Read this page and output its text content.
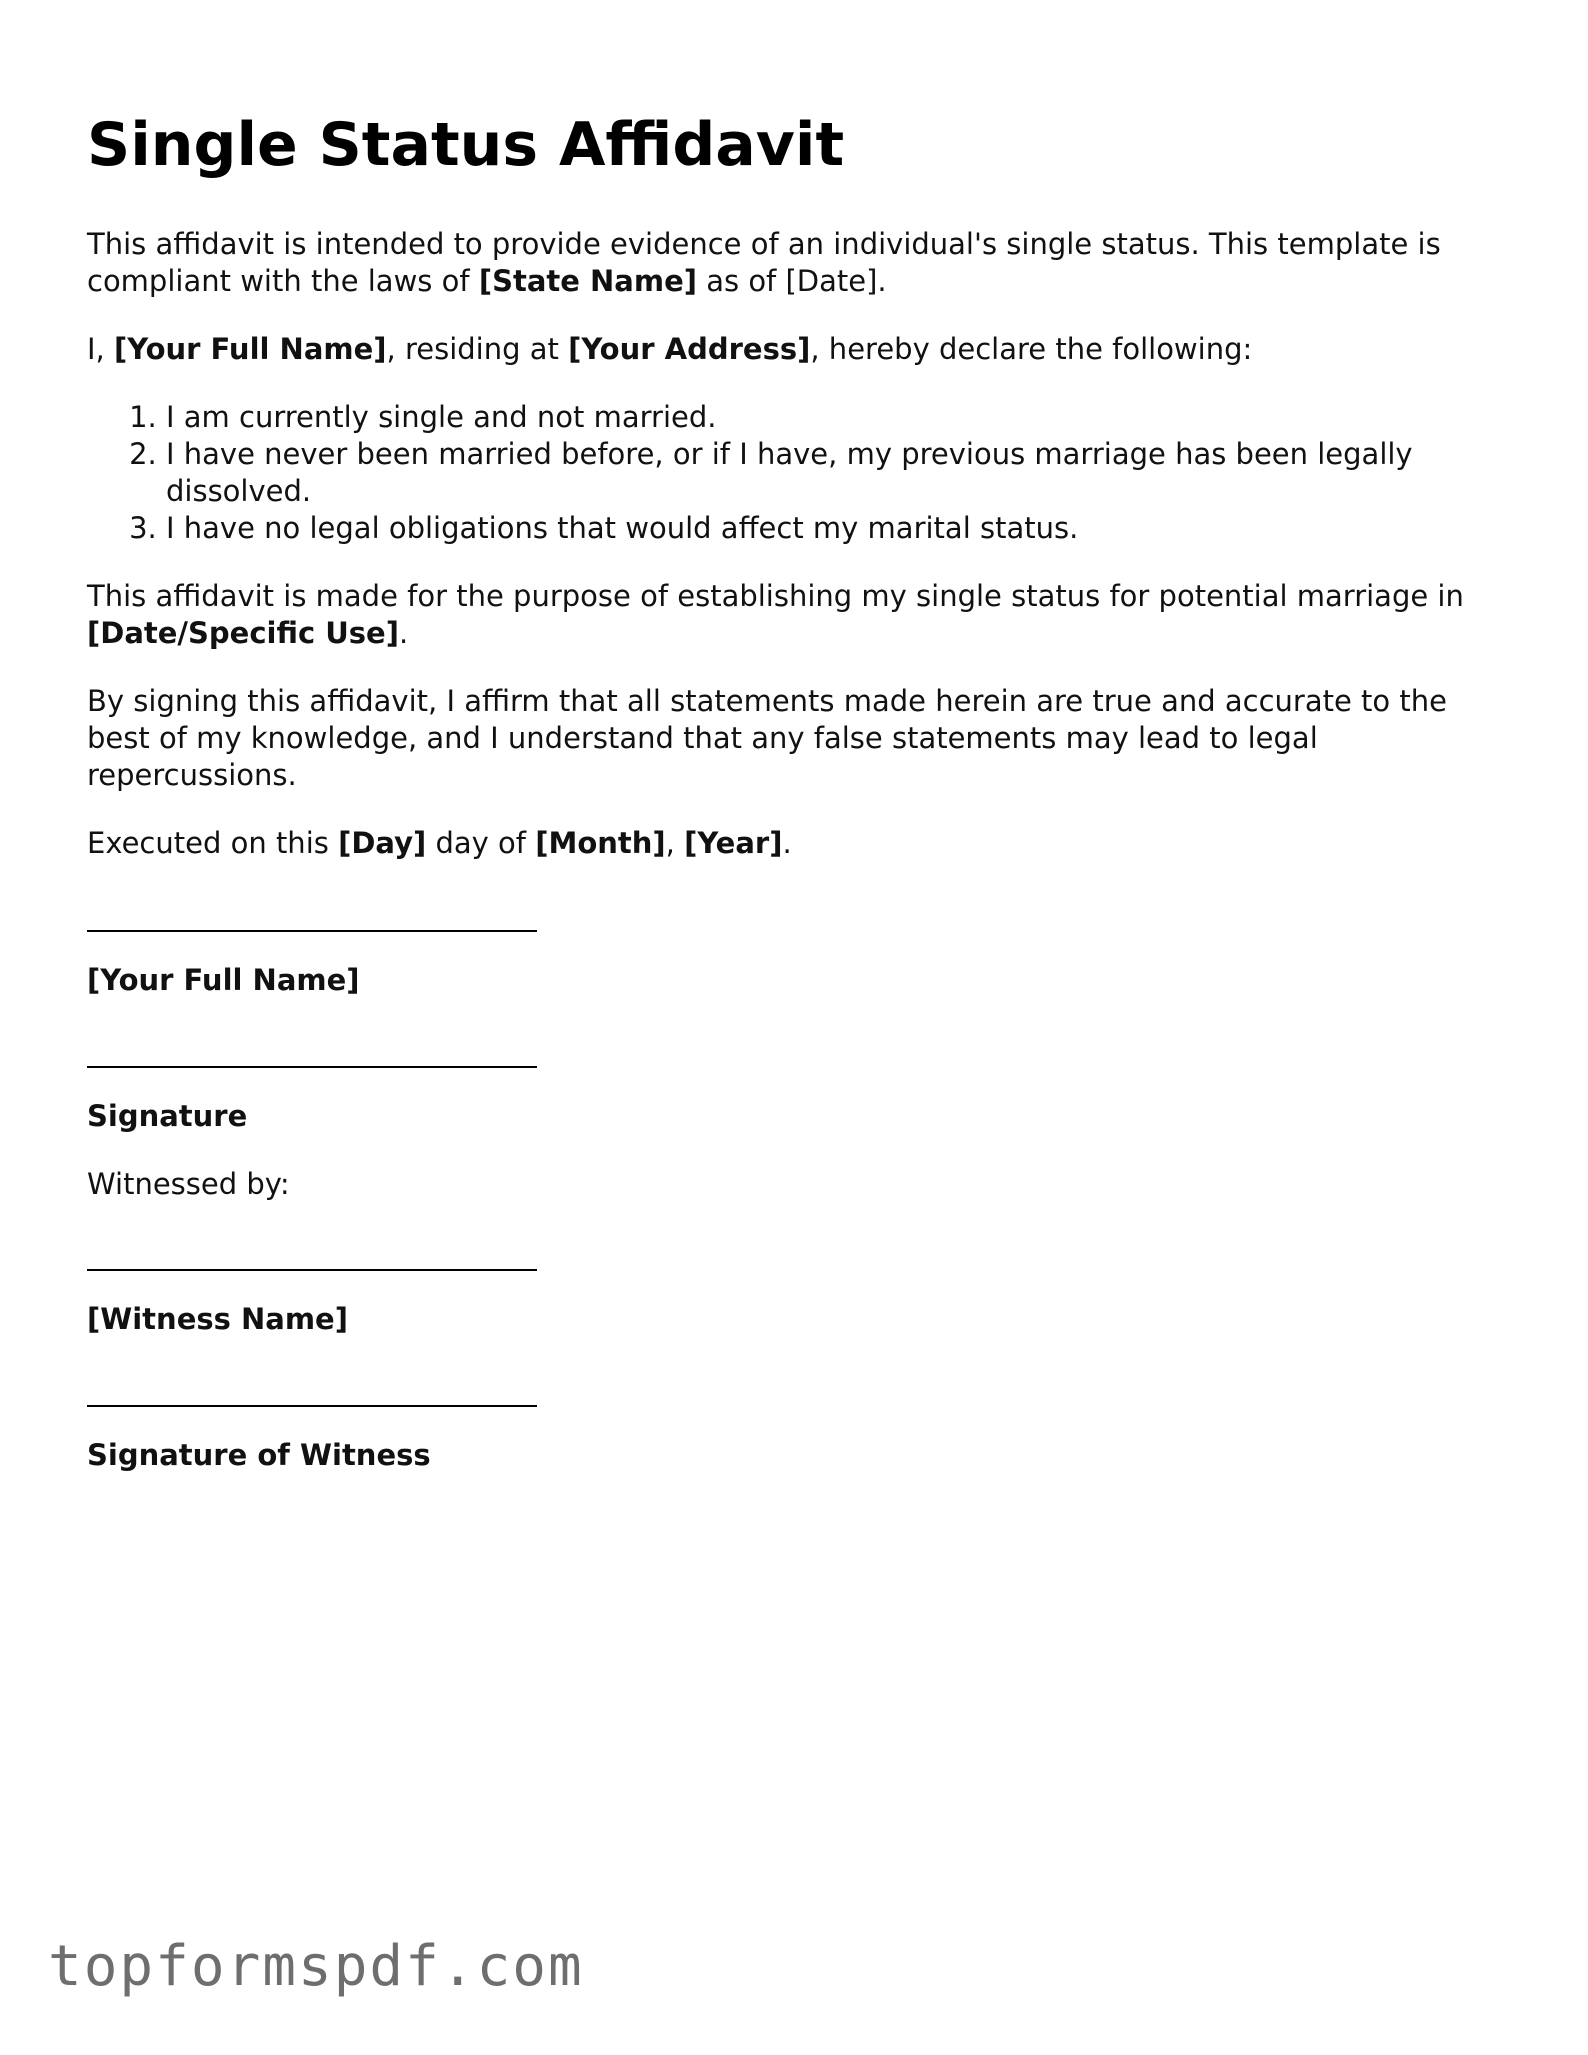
Single Status Affidavit

This affidavit is intended to provide evidence of an individual's single status. This template is compliant with the laws of [State Name] as of [Date].

I, [Your Full Name], residing at [Your Address], hereby declare the following:

1. I am currently single and not married.
2. I have never been married before, or if I have, my previous marriage has been legally dissolved.
3. I have no legal obligations that would affect my marital status.

This affidavit is made for the purpose of establishing my single status for potential marriage in [Date/Specific Use].

By signing this affidavit, I affirm that all statements made herein are true and accurate to the best of my knowledge, and I understand that any false statements may lead to legal repercussions.

Executed on this [Day] day of [Month], [Year].

[Your Full Name]
Signature
Witnessed by:
[Witness Name]
Signature of Witness
topformspdf.com
